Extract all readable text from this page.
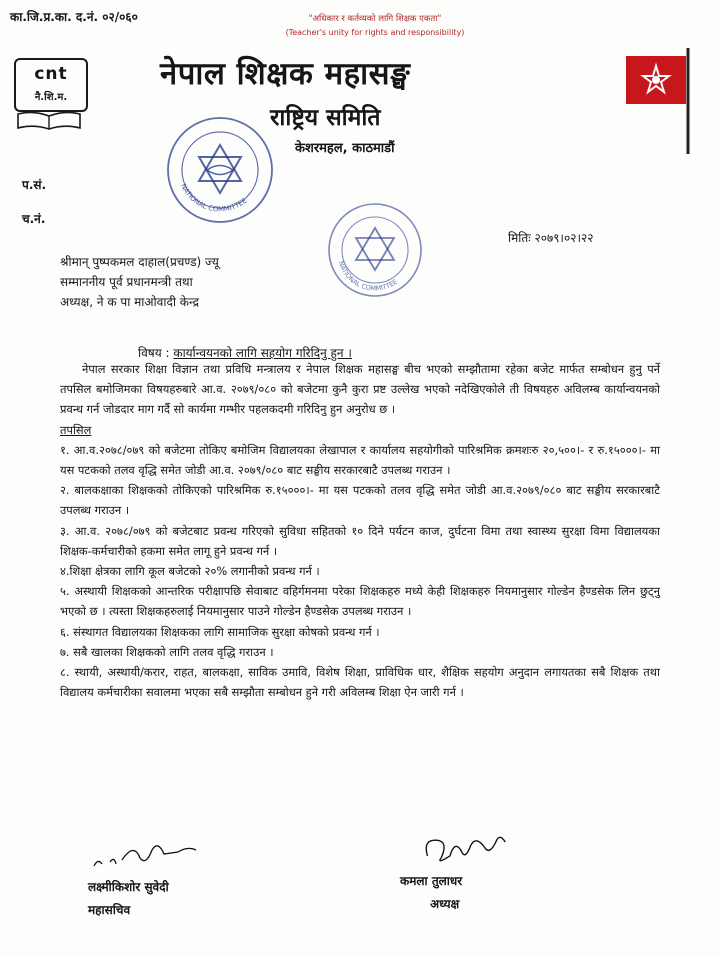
का.जि.प्र.का. द.नं. ०२/०६०	"अधिकार र कर्तव्यको लागि शिक्षक एकता"
(Teacher's unity for rights and responsibility)
cnt
नै.शि.म.
नेपाल शिक्षक महासङ्घ
राष्ट्रिय समिति
केशरमहल, काठमाडौं
NATIONAL COMMITTEE
NATIONAL COMMITTEE
प.सं.
च.नं.
मितिः २०७९।०२।२२
श्रीमान् पुष्पकमल दाहाल(प्रचण्ड) ज्यू
सम्माननीय पूर्व प्रधानमन्त्री तथा
अध्यक्ष, ने क पा माओवादी केन्द्र
विषय : कार्यान्वयनको लागि सहयोग गरिदिनु हुन ।

नेपाल सरकार शिक्षा विज्ञान तथा प्रविधि मन्त्रालय र नेपाल शिक्षक महासङ्घ बीच भएको सम्झौतामा रहेका बजेट मार्फत सम्बोधन हुनु पर्ने तपसिल बमोजिमका विषयहरुबारे आ.व. २०७९/०८० को बजेटमा कुनै कुरा प्रष्ट उल्लेख भएको नदेखिएकोले ती विषयहरु अविलम्ब कार्यान्वयनको प्रवन्ध गर्न जोडदार माग गर्दै सो कार्यमा गम्भीर पहलकदमी गरिदिनु हुन अनुरोध छ ।

तपसिल

१. आ.व.२०७८/०७९ को बजेटमा तोकिए बमोजिम विद्यालयका लेखापाल र कार्यालय सहयोगीको पारिश्रमिक क्रमशःरु २०,५००।- र रु.१५०००।- मा यस पटकको तलव वृद्धि समेत जोडी आ.व. २०७९/०८० बाट सङ्घीय सरकारबाटै उपलब्ध गराउन ।

२. बालकक्षाका शिक्षकको तोकिएको पारिश्रमिक रु.१५०००।- मा यस पटकको तलव वृद्धि समेत जोडी आ.व.२०७९/०८० बाट सङ्घीय सरकारबाटै उपलब्ध गराउन ।

३. आ.व. २०७८/०७९ को बजेटबाट प्रवन्ध गरिएको सुविधा सहितको १० दिने पर्यटन काज, दुर्घटना विमा तथा स्वास्थ्य सुरक्षा विमा विद्यालयका शिक्षक-कर्मचारीको हकमा समेत लागू हुने प्रवन्ध गर्न ।

४.शिक्षा क्षेत्रका लागि कूल बजेटको २०% लगानीको प्रवन्ध गर्न ।

५. अस्थायी शिक्षकको आन्तरिक परीक्षापछि सेवाबाट वहिर्गमनमा परेका शिक्षकहरु मध्ये केही शिक्षकहरु नियमानुसार गोल्डेन हैण्डसेक लिन छुट्नु भएको छ । त्यस्ता शिक्षकहरुलाई नियमानुसार पाउने गोल्डेन हैण्डसेक उपलब्ध गराउन ।

६. संस्थागत विद्यालयका शिक्षकका लागि सामाजिक सुरक्षा कोषको प्रवन्ध गर्न ।

७. सबै खालका शिक्षकको लागि तलव वृद्धि गराउन ।

८. स्थायी, अस्थायी/करार, राहत, बालकक्षा, साविक उमावि, विशेष शिक्षा, प्राविधिक धार, शैक्षिक सहयोग अनुदान लगायतका सबै शिक्षक तथा विद्यालय कर्मचारीका सवालमा भएका सबै सम्झौता सम्बोधन हुने गरी अविलम्ब शिक्षा ऐन जारी गर्न ।

लक्ष्मीकिशोर सुवेदी
महासचिव
कमला तुलाधर
अध्यक्ष
